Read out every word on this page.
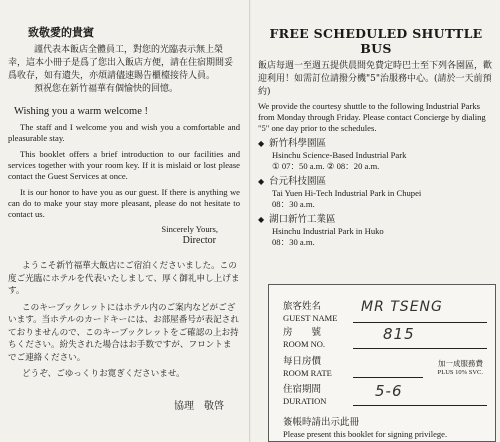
致敬愛的貴賓

謹代表本飯店全體員工，對您的光臨表示無上榮幸，這本小冊子是爲了您出入飯店方便，請在住宿期間妥爲收存，如有遺失，亦煩請儘速賜告櫃檯接待人員。

預祝您在新竹福華有個愉快的回憶。

Wishing you a warm welcome !

The staff and I welcome you and wish you a comfortable and pleasurable stay.

This booklet offers a brief introduction to our facilities and services together with your room key. If it is mislaid or lost please contact the Guest Services at once.

It is our honor to have you as our guest. If there is anything we can do to make your stay more pleasant, please do not hesitate to contact us.

Sincerely Yours,

Director

ようこそ新竹福華大飯店にご宿泊くださいました。この度ご光臨にホテルを代表いたしまして、厚く御礼申し上げます。

このキーブックレットにはホテル内のご案内などがございます。当ホテルのカードキーには、お部屋番号が表記されておりませんので、このキーブックレットをご確認の上お持ちください。紛失された場合はお手数ですが、フロントまでご連絡ください。

どうぞ、ごゆっくりお寛ぎくださいませ。

協理　敬啓

FREE SCHEDULED SHUTTLE BUS

飯店每週一至週五提供晨間免費定時巴士至下列各園區，歡迎利用！如需訂位請撥分機"5"治服務中心。(請於一天前預約)

We provide the courtesy shuttle to the following Industrial Parks from Monday through Friday. Please contact Concierge by dialing "5" one day prior to the schedules.

◆ 新竹科學園區
Hsinchu Science-Based Industrial Park
① 07：50 a.m. ② 08：20 a.m.
◆ 台元科技園區
Tai Yuen Hi-Tech Industrial Park in Chupei
08：30 a.m.
◆ 湖口新竹工業區
Hsinchu Industrial Park in Huko
08：30 a.m.
旅客姓名
GUEST NAME
MR TSENG
房　　號
ROOM NO.
815
每日房價
ROOM RATE
加一成服務費
PLUS 10% SVC.
住宿期間
DURATION
5-6
簽帳時請出示此冊
Please present this booklet for signing privilege.
